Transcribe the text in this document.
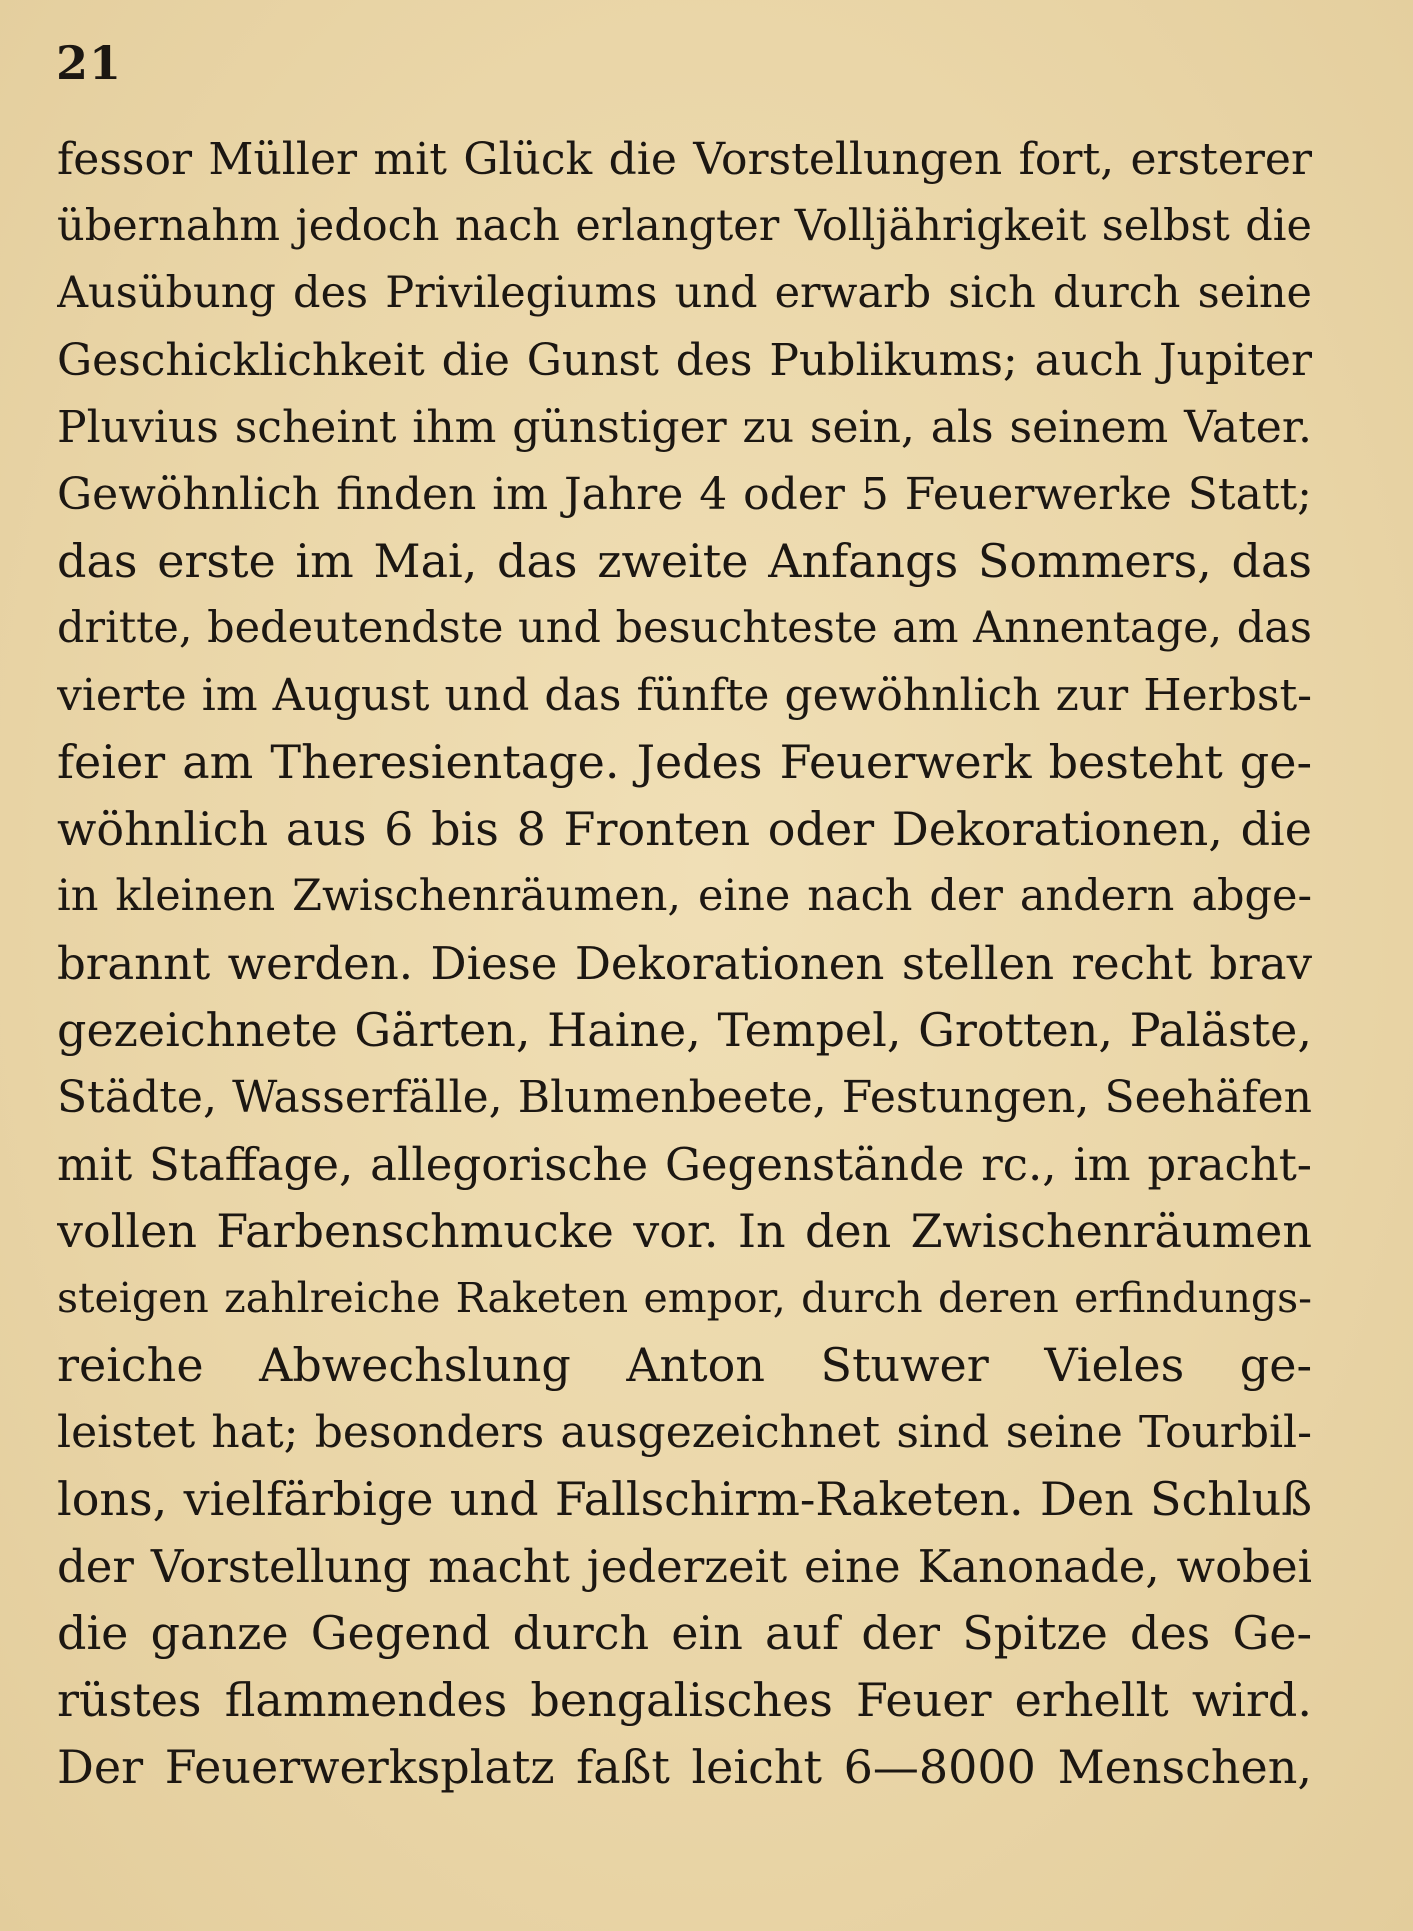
21
fessor Müller mit Glück die Vorstellungen fort, ersterer
übernahm jedoch nach erlangter Volljährigkeit selbst die
Ausübung des Privilegiums und erwarb sich durch seine
Geschicklichkeit die Gunst des Publikums; auch Jupiter
Pluvius scheint ihm günstiger zu sein, als seinem Vater.
Gewöhnlich finden im Jahre 4 oder 5 Feuerwerke Statt;
das erste im Mai, das zweite Anfangs Sommers, das
dritte, bedeutendste und besuchteste am Annentage, das
vierte im August und das fünfte gewöhnlich zur Herbst-
feier am Theresientage. Jedes Feuerwerk besteht ge-
wöhnlich aus 6 bis 8 Fronten oder Dekorationen, die
in kleinen Zwischenräumen, eine nach der andern abge-
brannt werden. Diese Dekorationen stellen recht brav
gezeichnete Gärten, Haine, Tempel, Grotten, Paläste,
Städte, Wasserfälle, Blumenbeete, Festungen, Seehäfen
mit Staffage, allegorische Gegenstände rc., im pracht-
vollen Farbenschmucke vor. In den Zwischenräumen
steigen zahlreiche Raketen empor, durch deren erfindungs-
reiche Abwechslung Anton Stuwer Vieles ge-
leistet hat; besonders ausgezeichnet sind seine Tourbil-
lons, vielfärbige und Fallschirm-Raketen. Den Schluß
der Vorstellung macht jederzeit eine Kanonade, wobei
die ganze Gegend durch ein auf der Spitze des Ge-
rüstes flammendes bengalisches Feuer erhellt wird.
Der Feuerwerksplatz faßt leicht 6—8000 Menschen,
